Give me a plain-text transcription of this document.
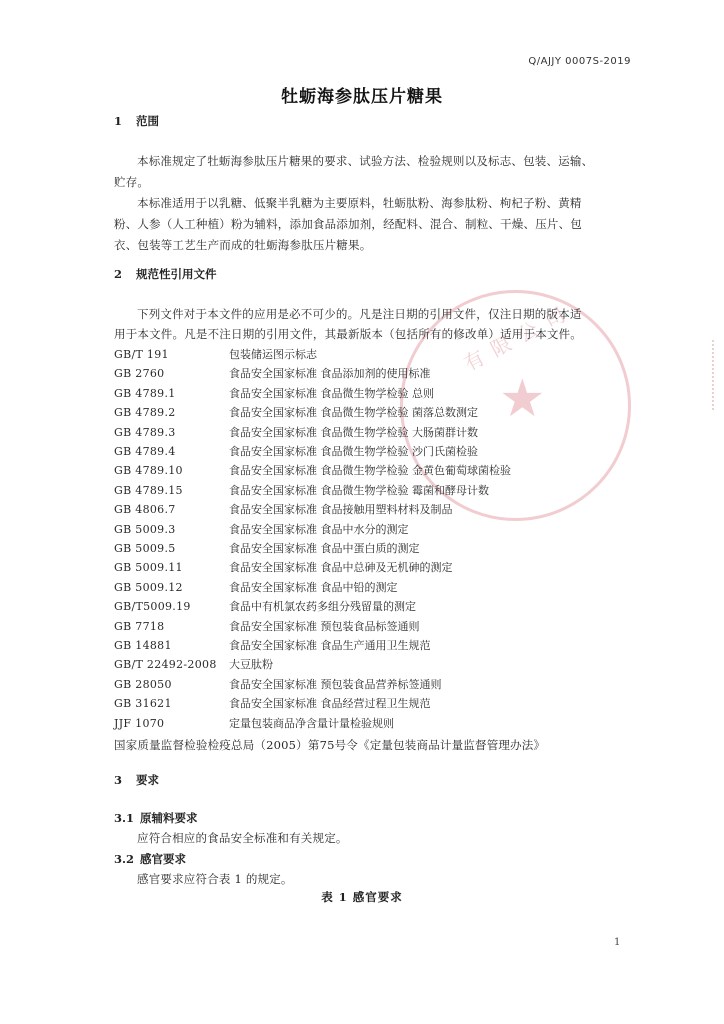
有 限 公 司
★
Q/AJJY 0007S-2019
牡蛎海参肽压片糖果
1 范围
本标准规定了牡蛎海参肽压片糖果的要求、试验方法、检验规则以及标志、包装、运输、
贮存。
本标准适用于以乳糖、低聚半乳糖为主要原料，牡蛎肽粉、海参肽粉、枸杞子粉、黄精
粉、人参（人工种植）粉为辅料，添加食品添加剂，经配料、混合、制粒、干燥、压片、包
衣、包装等工艺生产而成的牡蛎海参肽压片糖果。
2 规范性引用文件
下列文件对于本文件的应用是必不可少的。凡是注日期的引用文件，仅注日期的版本适
用于本文件。凡是不注日期的引用文件，其最新版本（包括所有的修改单）适用于本文件。
GB/T 191	包装储运图示标志
GB 2760	食品安全国家标准 食品添加剂的使用标准
GB 4789.1	食品安全国家标准 食品微生物学检验 总则
GB 4789.2	食品安全国家标准 食品微生物学检验 菌落总数测定
GB 4789.3	食品安全国家标准 食品微生物学检验 大肠菌群计数
GB 4789.4	食品安全国家标准 食品微生物学检验 沙门氏菌检验
GB 4789.10	食品安全国家标准 食品微生物学检验 金黄色葡萄球菌检验
GB 4789.15	食品安全国家标准 食品微生物学检验 霉菌和酵母计数
GB 4806.7	食品安全国家标准 食品接触用塑料材料及制品
GB 5009.3	食品安全国家标准 食品中水分的测定
GB 5009.5	食品安全国家标准 食品中蛋白质的测定
GB 5009.11	食品安全国家标准 食品中总砷及无机砷的测定
GB 5009.12	食品安全国家标准 食品中铅的测定
GB/T5009.19	食品中有机氯农药多组分残留量的测定
GB 7718	食品安全国家标准 预包装食品标签通则
GB 14881	食品安全国家标准 食品生产通用卫生规范
GB/T 22492-2008 大豆肽粉
GB 28050	食品安全国家标准 预包装食品营养标签通则
GB 31621	食品安全国家标准 食品经营过程卫生规范
JJF 1070	定量包装商品净含量计量检验规则
国家质量监督检验检疫总局（2005）第75号令《定量包装商品计量监督管理办法》
3 要求
3.1 原辅料要求
应符合相应的食品安全标准和有关规定。
3.2 感官要求
感官要求应符合表 1 的规定。
表 1 感官要求
1
